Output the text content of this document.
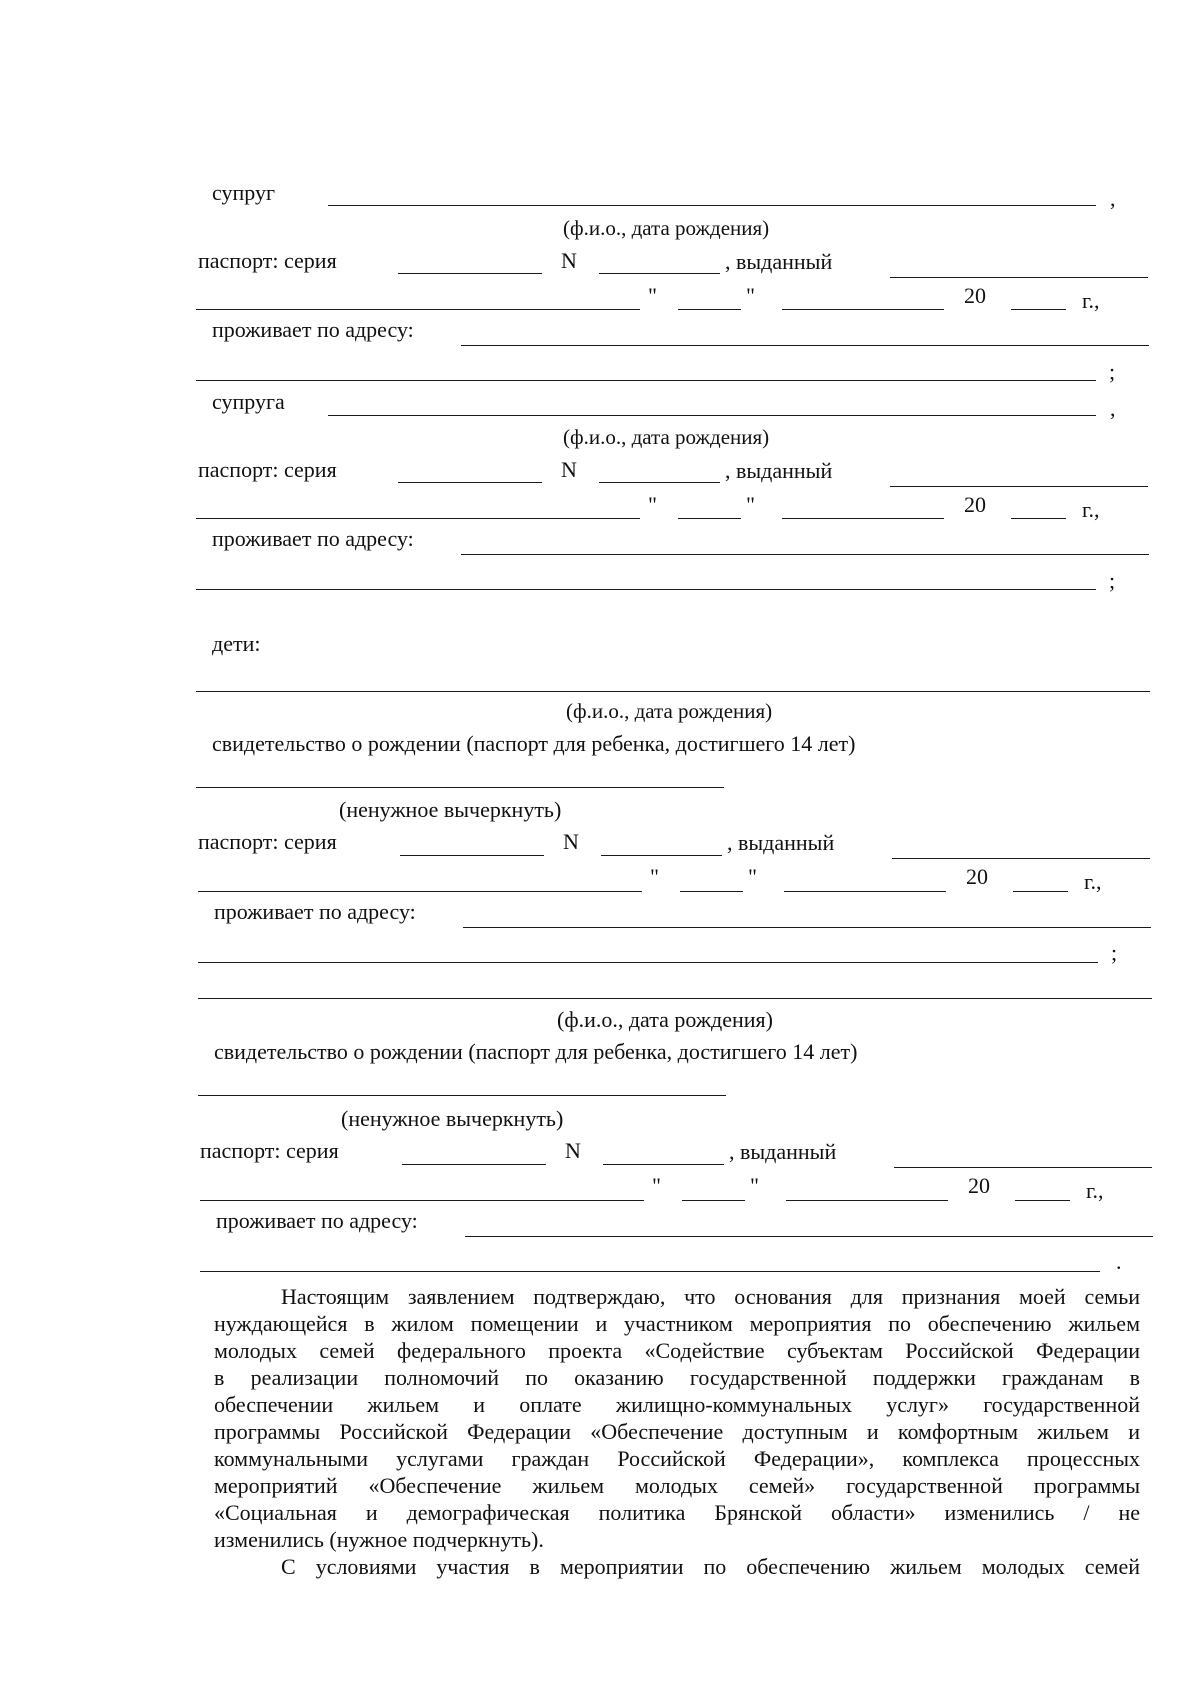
супруг	,
(ф.и.о., дата рождения)
паспорт: серия	N	, выданный
"	"	20	г.,
проживает по адресу:
;
супруга	,
(ф.и.о., дата рождения)
паспорт: серия	N	, выданный
"	"	20	г.,
проживает по адресу:
;
дети:
(ф.и.о., дата рождения)
свидетельство о рождении (паспорт для ребенка, достигшего 14 лет)
(ненужное вычеркнуть)
паспорт: серия	N	, выданный
"	"	20	г.,
проживает по адресу:
;
(ф.и.о., дата рождения)
свидетельство о рождении (паспорт для ребенка, достигшего 14 лет)
(ненужное вычеркнуть)
паспорт: серия	N	, выданный
"	"	20	г.,
проживает по адресу:
.
Настоящим заявлением подтверждаю, что основания для признания моей семьи
нуждающейся в жилом помещении и участником мероприятия по обеспечению жильем
молодых семей федерального проекта «Содействие субъектам Российской Федерации
в реализации полномочий по оказанию государственной поддержки гражданам в
обеспечении жильем и оплате жилищно-коммунальных услуг» государственной
программы Российской Федерации «Обеспечение доступным и комфортным жильем и
коммунальными услугами граждан Российской Федерации», комплекса процессных
мероприятий «Обеспечение жильем молодых семей» государственной программы
«Социальная и демографическая политика Брянской области» изменились / не
изменились (нужное подчеркнуть).
С условиями участия в мероприятии по обеспечению жильем молодых семей
